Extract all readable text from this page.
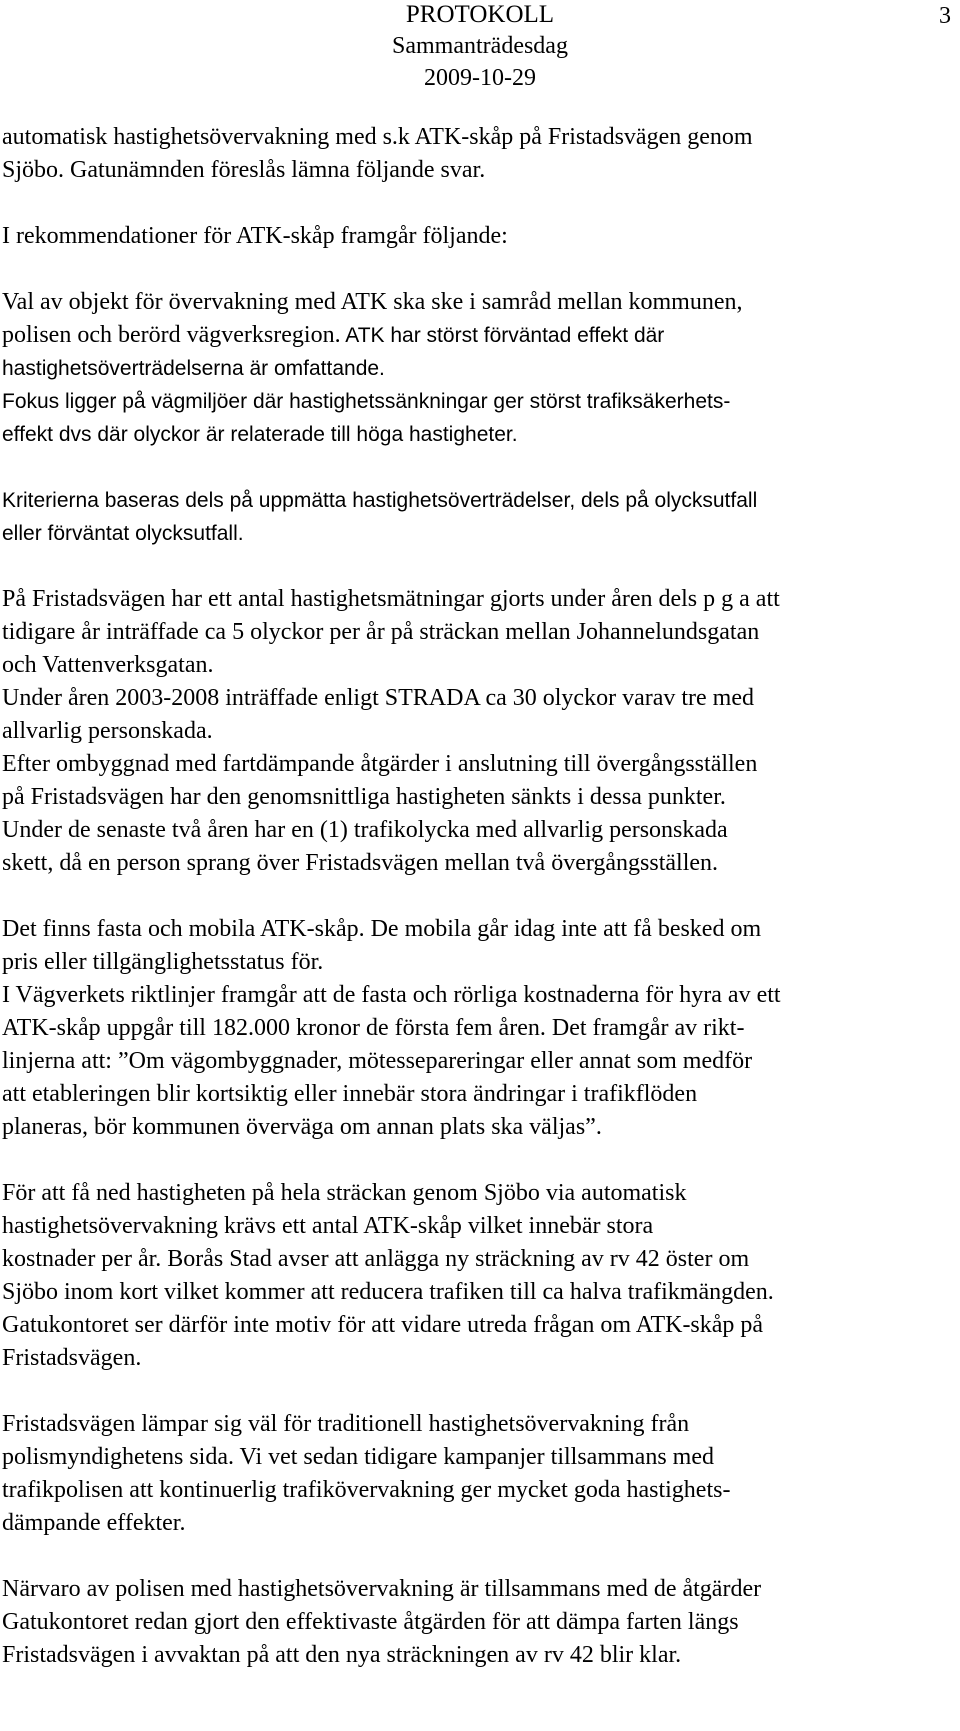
PROTOKOLL
Sammanträdesdag
2009-10-29
3

automatisk hastighetsövervakning med s.k ATK-skåp på Fristadsvägen genom
Sjöbo. Gatunämnden föreslås lämna följande svar.

I rekommendationer för ATK-skåp framgår följande:

Val av objekt för övervakning med ATK ska ske i samråd mellan kommunen,
polisen och berörd vägverksregion. ATK har störst förväntad effekt där
hastighetsöverträdelserna är omfattande.
Fokus ligger på vägmiljöer där hastighetssänkningar ger störst trafiksäkerhets-
effekt dvs där olyckor är relaterade till höga hastigheter.

Kriterierna baseras dels på uppmätta hastighetsöverträdelser, dels på olycksutfall
eller förväntat olycksutfall.

På Fristadsvägen har ett antal hastighetsmätningar gjorts under åren dels p g a att
tidigare år inträffade ca 5 olyckor per år på sträckan mellan Johannelundsgatan
och Vattenverksgatan.
Under åren 2003-2008 inträffade enligt STRADA ca 30 olyckor varav tre med
allvarlig personskada.
Efter ombyggnad med fartdämpande åtgärder i anslutning till övergångsställen
på Fristadsvägen har den genomsnittliga hastigheten sänkts i dessa punkter.
Under de senaste två åren har en (1) trafikolycka med allvarlig personskada
skett, då en person sprang över Fristadsvägen mellan två övergångsställen.

Det finns fasta och mobila ATK-skåp. De mobila går idag inte att få besked om
pris eller tillgänglighetsstatus för.
I Vägverkets riktlinjer framgår att de fasta och rörliga kostnaderna för hyra av ett
ATK-skåp uppgår till 182.000 kronor de första fem åren. Det framgår av rikt-
linjerna att: ”Om vägombyggnader, mötessepareringar eller annat som medför
att etableringen blir kortsiktig eller innebär stora ändringar i trafikflöden
planeras, bör kommunen överväga om annan plats ska väljas”.

För att få ned hastigheten på hela sträckan genom Sjöbo via automatisk
hastighetsövervakning krävs ett antal ATK-skåp vilket innebär stora
kostnader per år. Borås Stad avser att anlägga ny sträckning av rv 42 öster om
Sjöbo inom kort vilket kommer att reducera trafiken till ca halva trafikmängden.
Gatukontoret ser därför inte motiv för att vidare utreda frågan om ATK-skåp på
Fristadsvägen.

Fristadsvägen lämpar sig väl för traditionell hastighetsövervakning från
polismyndighetens sida. Vi vet sedan tidigare kampanjer tillsammans med
trafikpolisen att kontinuerlig trafikövervakning ger mycket goda hastighets-
dämpande effekter.

Närvaro av polisen med hastighetsövervakning är tillsammans med de åtgärder
Gatukontoret redan gjort den effektivaste åtgärden för att dämpa farten längs
Fristadsvägen i avvaktan på att den nya sträckningen av rv 42 blir klar.
